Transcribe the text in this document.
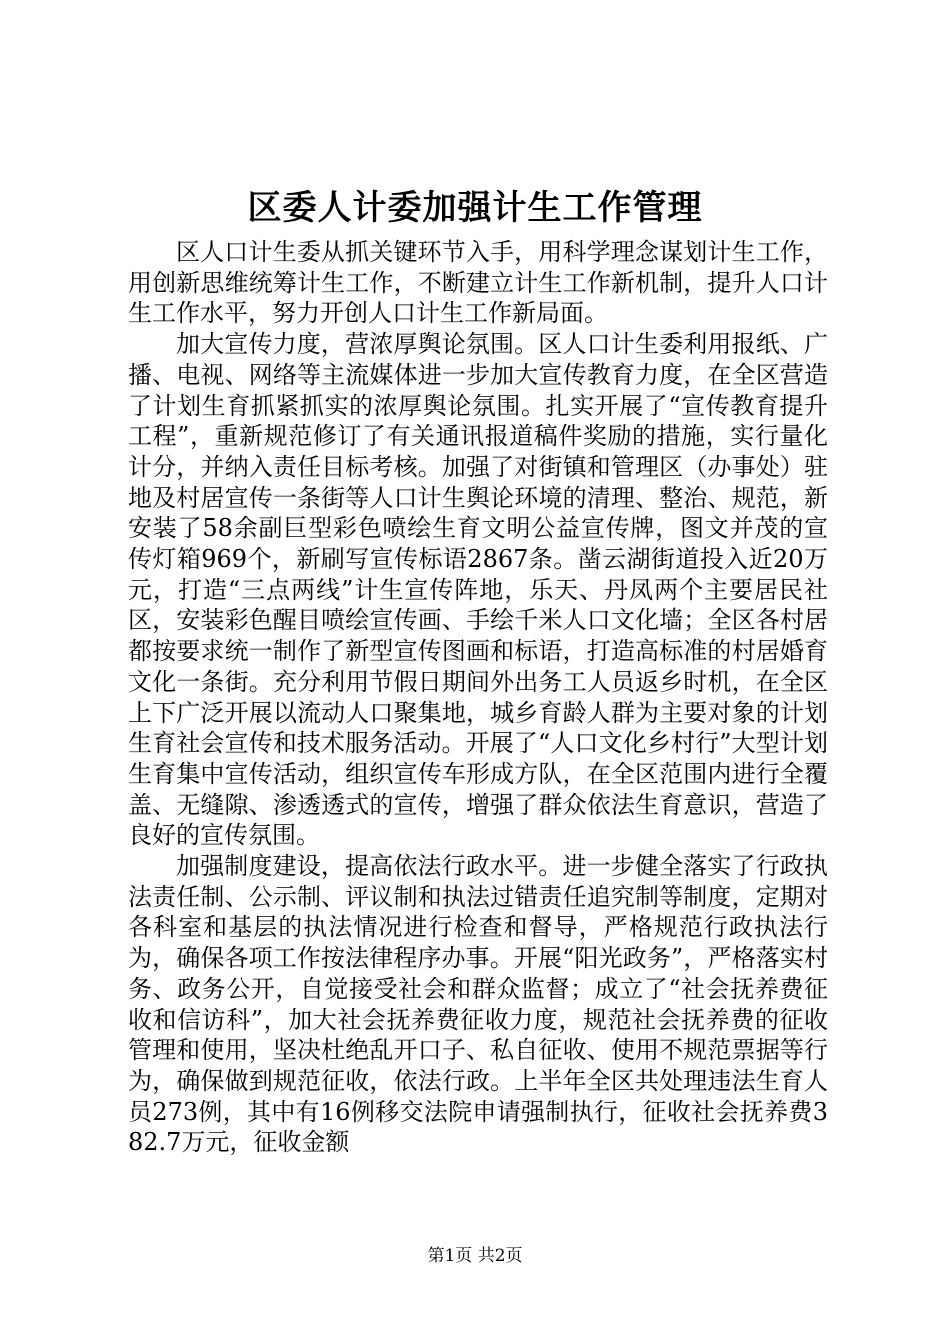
区委人计委加强计生工作管理

区人口计生委从抓关键环节入手，用科学理念谋划计生工作，用创新思维统筹计生工作，不断建立计生工作新机制，提升人口计生工作水平，努力开创人口计生工作新局面。

加大宣传力度，营浓厚舆论氛围。区人口计生委利用报纸、广播、电视、网络等主流媒体进一步加大宣传教育力度，在全区营造了计划生育抓紧抓实的浓厚舆论氛围。扎实开展了“宣传教育提升工程”，重新规范修订了有关通讯报道稿件奖励的措施，实行量化计分，并纳入责任目标考核。加强了对街镇和管理区（办事处）驻地及村居宣传一条街等人口计生舆论环境的清理、整治、规范，新安装了58余副巨型彩色喷绘生育文明公益宣传牌，图文并茂的宣传灯箱969个，新刷写宣传标语2867条。凿云湖街道投入近20万元，打造“三点两线”计生宣传阵地，乐天、丹凤两个主要居民社区，安装彩色醒目喷绘宣传画、手绘千米人口文化墙；全区各村居都按要求统一制作了新型宣传图画和标语，打造高标准的村居婚育文化一条街。充分利用节假日期间外出务工人员返乡时机，在全区上下广泛开展以流动人口聚集地，城乡育龄人群为主要对象的计划生育社会宣传和技术服务活动。开展了“人口文化乡村行”大型计划生育集中宣传活动，组织宣传车形成方队，在全区范围内进行全覆盖、无缝隙、渗透透式的宣传，增强了群众依法生育意识，营造了良好的宣传氛围。

加强制度建设，提高依法行政水平。进一步健全落实了行政执法责任制、公示制、评议制和执法过错责任追究制等制度，定期对各科室和基层的执法情况进行检查和督导，严格规范行政执法行为，确保各项工作按法律程序办事。开展“阳光政务”，严格落实村务、政务公开，自觉接受社会和群众监督；成立了“社会抚养费征收和信访科”，加大社会抚养费征收力度，规范社会抚养费的征收管理和使用，坚决杜绝乱开口子、私自征收、使用不规范票据等行为，确保做到规范征收，依法行政。上半年全区共处理违法生育人员273例，其中有16例移交法院申请强制执行，征收社会抚养费382.7万元，征收金额

第1页 共2页
